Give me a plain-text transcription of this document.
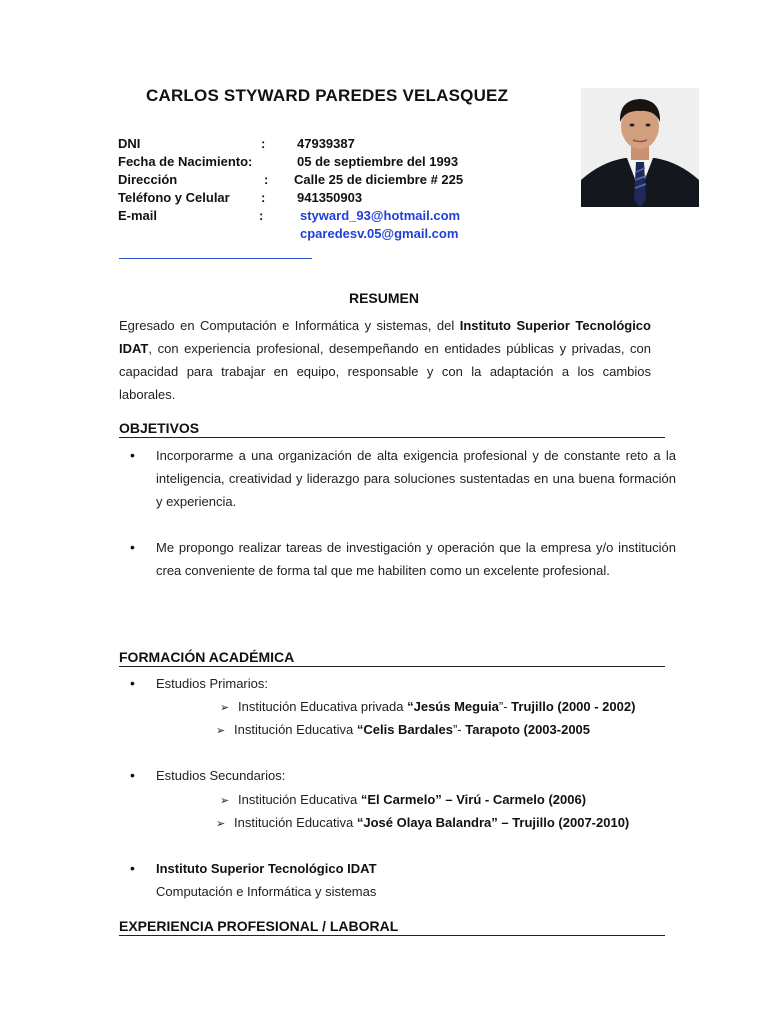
CARLOS STYWARD PAREDES VELASQUEZ
DNI	: 47939387
Fecha de Nacimiento:	05 de septiembre del 1993
Dirección	: Calle 25 de diciembre # 225
Teléfono y Celular : 941350903
E-mail	:	styward_93@hotmail.com
cparedesv.05@gmail.com
RESUMEN
Egresado en Computación e Informática y sistemas, del Instituto Superior Tecnológico IDAT, con experiencia profesional, desempeñando en entidades públicas y privadas, con capacidad para trabajar en equipo, responsable y con la adaptación a los cambios laborales.
OBJETIVOS
• Incorporarme a una organización de alta exigencia profesional y de constante reto a la inteligencia, creatividad y liderazgo para soluciones sustentadas en una buena formación y experiencia.
• Me propongo realizar tareas de investigación y operación que la empresa y/o institución crea conveniente de forma tal que me habiliten como un excelente profesional.
FORMACIÓN ACADÉMICA
• Estudios Primarios:
➢ Institución Educativa privada “Jesús Meguia”- Trujillo (2000 - 2002)
➢ Institución Educativa “Celis Bardales”- Tarapoto (2003-2005
• Estudios Secundarios:
➢ Institución Educativa “El Carmelo” – Virú - Carmelo (2006)
➢ Institución Educativa “José Olaya Balandra” – Trujillo (2007-2010)
• Instituto Superior Tecnológico IDAT
Computación e Informática y sistemas
EXPERIENCIA PROFESIONAL / LABORAL
